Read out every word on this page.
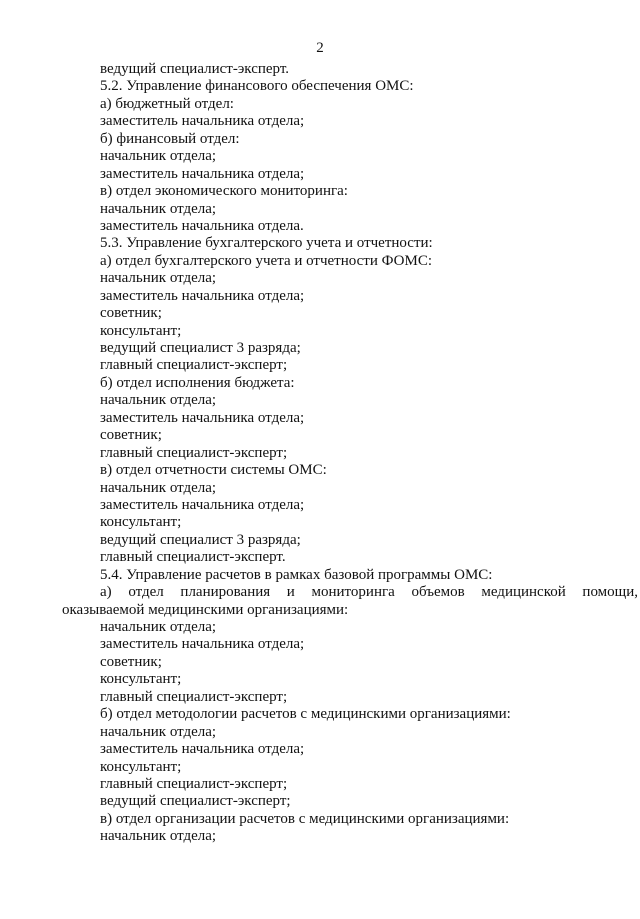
2
ведущий специалист-эксперт.
5.2. Управление финансового обеспечения ОМС:
а) бюджетный отдел:
заместитель начальника отдела;
б) финансовый отдел:
начальник отдела;
заместитель начальника отдела;
в) отдел экономического мониторинга:
начальник отдела;
заместитель начальника отдела.
5.3. Управление бухгалтерского учета и отчетности:
а) отдел бухгалтерского учета и отчетности ФОМС:
начальник отдела;
заместитель начальника отдела;
советник;
консультант;
ведущий специалист 3 разряда;
главный специалист-эксперт;
б) отдел исполнения бюджета:
начальник отдела;
заместитель начальника отдела;
советник;
главный специалист-эксперт;
в) отдел отчетности системы ОМС:
начальник отдела;
заместитель начальника отдела;
консультант;
ведущий специалист 3 разряда;
главный специалист-эксперт.
5.4. Управление расчетов в рамках базовой программы ОМС:
а) отдел планирования и мониторинга объемов медицинской помощи,
оказываемой медицинскими организациями:
начальник отдела;
заместитель начальника отдела;
советник;
консультант;
главный специалист-эксперт;
б) отдел методологии расчетов с медицинскими организациями:
начальник отдела;
заместитель начальника отдела;
консультант;
главный специалист-эксперт;
ведущий специалист-эксперт;
в) отдел организации расчетов с медицинскими организациями:
начальник отдела;
